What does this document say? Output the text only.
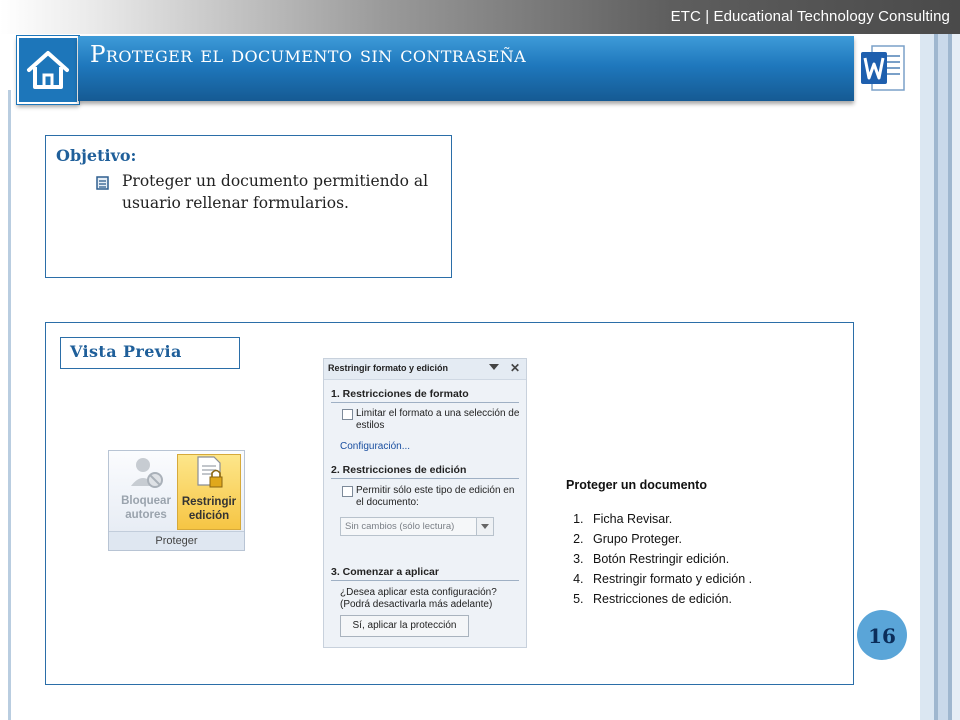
ETC | Educational Technology Consulting
Proteger el documento sin contraseña
Objetivo:
Proteger un documento permitiendo al usuario rellenar formularios.
Vista Previa
Bloquear
autores
Restringir
edición
Proteger
Restringir formato y edición	✕
1. Restricciones de formato
Limitar el formato a una selección de estilos
Configuración...
2. Restricciones de edición
Permitir sólo este tipo de edición en el documento:
Sin cambios (sólo lectura)
3. Comenzar a aplicar
¿Desea aplicar esta configuración? (Podrá desactivarla más adelante)
Sí, aplicar la protección
Proteger un documento
1. Ficha Revisar.
2. Grupo Proteger.
3. Botón Restringir edición.
4. Restringir formato y edición .
5. Restricciones de edición.
16
